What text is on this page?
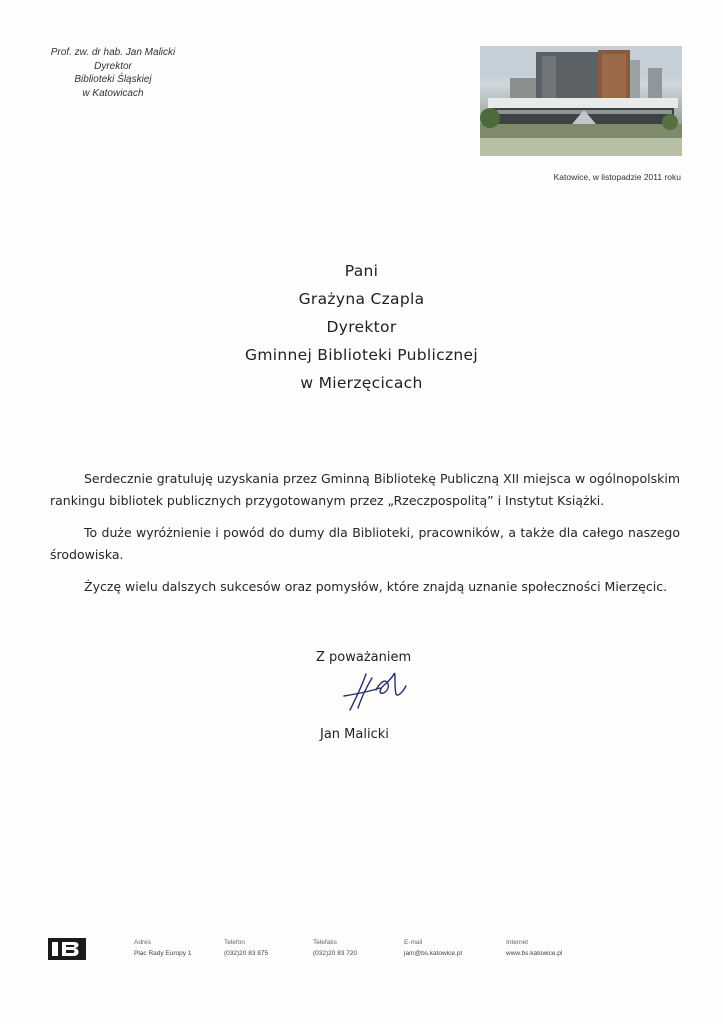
Prof. zw. dr hab. Jan Malicki
Dyrektor
Biblioteki Śląskiej
w Katowicach
Katowice, w listopadzie 2011 roku
Pani
Grażyna Czapla
Dyrektor
Gminnej Biblioteki Publicznej
w Mierzęcicach

Serdecznie gratuluję uzyskania przez Gminną Bibliotekę Publiczną XII miejsca w ogólnopolskim rankingu bibliotek publicznych przygotowanym przez „Rzeczpospolitą” i Instytut Książki.

To duże wyróżnienie i powód do dumy dla Biblioteki, pracowników, a także dla całego naszego środowiska.

Życzę wielu dalszych sukcesów oraz pomysłów, które znajdą uznanie społeczności Mierzęcic.

Z poważaniem
Jan Malicki
Adres
Plac Rady Europy 1
Telefon
(032)20 83 875
Telefaks
(032)20 83 720
E-mail
jam@bs.katowice.pl
Internet
www.bs.katowice.pl
